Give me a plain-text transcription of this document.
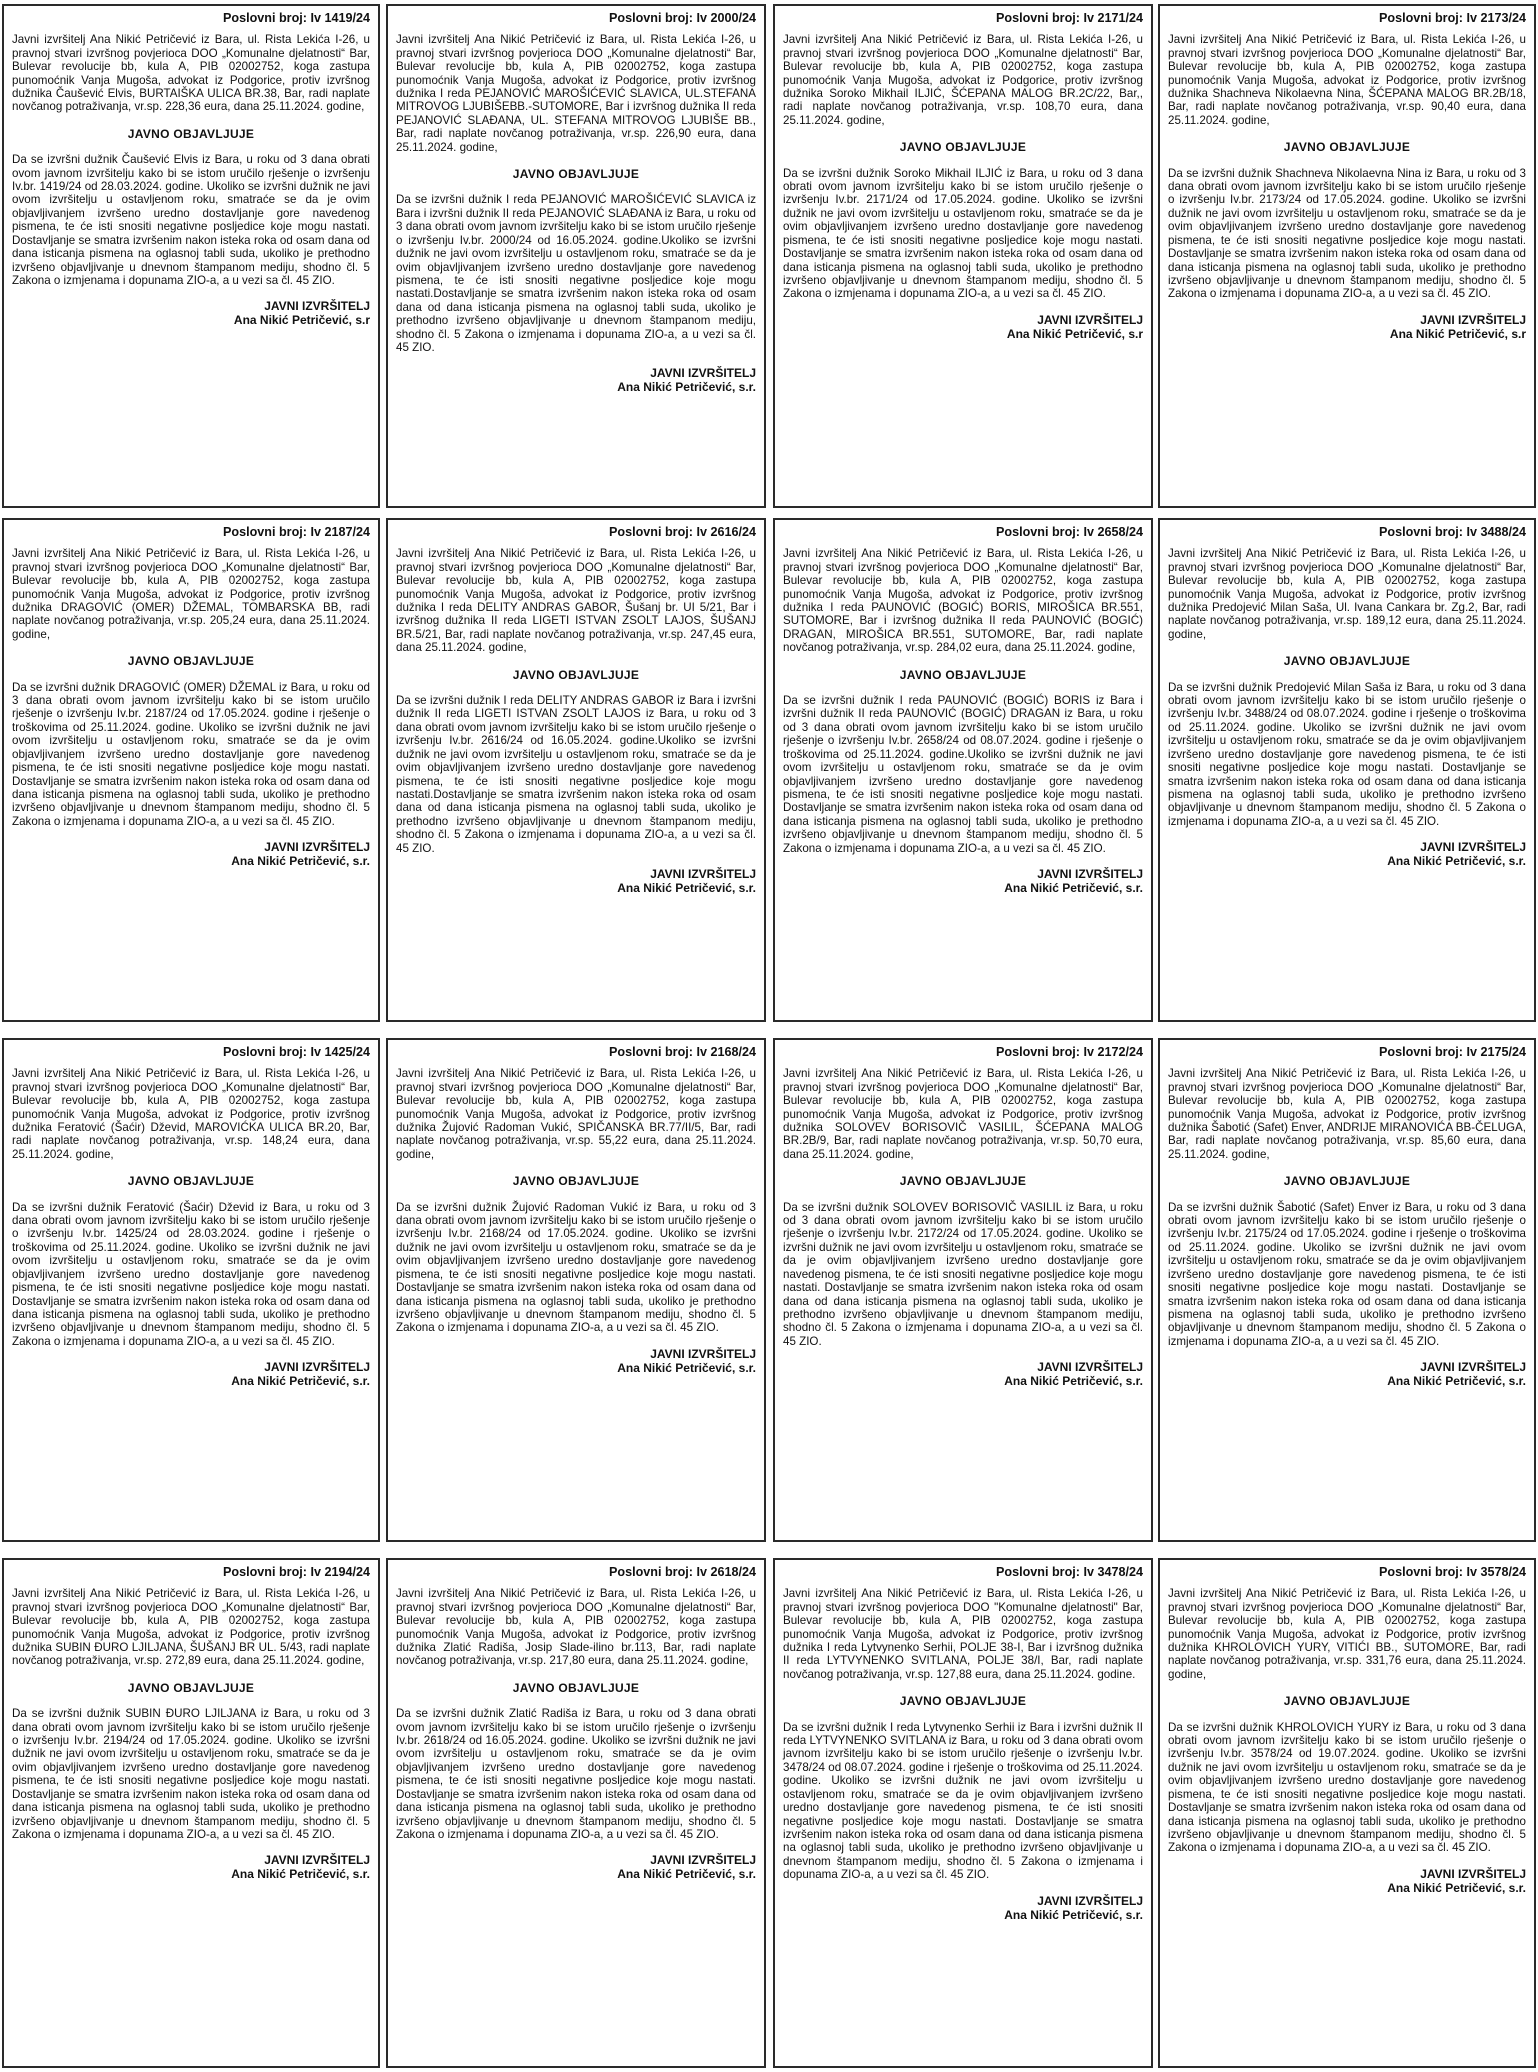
Poslovni broj: Iv 1419/24

Javni izvršitelj Ana Nikić Petričević iz Bara, ul. Rista Lekića I-26, u pravnoj stvari izvršnog povjerioca DOO „Komunalne djelatnosti“ Bar, Bulevar revolucije bb, kula A, PIB 02002752, koga zastupa punomoćnik Vanja Mugoša, advokat iz Podgorice, protiv izvršnog dužnika Čaušević Elvis, BURTAIŠKA ULICA BR.38, Bar, radi naplate novčanog potraživanja, vr.sp. 228,36 eura, dana 25.11.2024. godine,

JAVNO OBJAVLJUJE

Da se izvršni dužnik Čaušević Elvis iz Bara, u roku od 3 dana obrati ovom javnom izvršitelju kako bi se istom uručilo rješenje o izvršenju Iv.br. 1419/24 od 28.03.2024. godine. Ukoliko se izvršni dužnik ne javi ovom izvršitelju u ostavljenom roku, smatraće se da je ovim objavljivanjem izvršeno uredno dostavljanje gore navedenog pismena, te će isti snositi negativne posljedice koje mogu nastati. Dostavljanje se smatra izvršenim nakon isteka roka od osam dana od dana isticanja pismena na oglasnoj tabli suda, ukoliko je prethodno izvršeno objavljivanje u dnevnom štampanom mediju, shodno čl. 5 Zakona o izmjenama i dopunama ZIO-a, a u vezi sa čl. 45 ZIO.

JAVNI IZVRŠITELJ
Ana Nikić Petričević, s.r
Poslovni broj: Iv 2000/24

Javni izvršitelj Ana Nikić Petričević iz Bara, ul. Rista Lekića I-26, u pravnoj stvari izvršnog povjerioca DOO „Komunalne djelatnosti“ Bar, Bulevar revolucije bb, kula A, PIB 02002752, koga zastupa punomoćnik Vanja Mugoša, advokat iz Podgorice, protiv izvršnog dužnika I reda PEJANOVIĆ MAROŠIĆEVIĆ SLAVICA, UL.STEFANA MITROVOG LJUBIŠEBB.-SUTOMORE, Bar i izvršnog dužnika II reda PEJANOVIĆ SLAĐANA, UL. STEFANA MITROVOG LJUBIŠE BB., Bar, radi naplate novčanog potraživanja, vr.sp. 226,90 eura, dana 25.11.2024. godine,

JAVNO OBJAVLJUJE

Da se izvršni dužnik I reda PEJANOVIĆ MAROŠIĆEVIĆ SLAVICA iz Bara i izvršni dužnik II reda PEJANOVIĆ SLAĐANA iz Bara, u roku od 3 dana obrati ovom javnom izvršitelju kako bi se istom uručilo rješenje o izvršenju Iv.br. 2000/24 od 16.05.2024. godine.Ukoliko se izvršni dužnik ne javi ovom izvršitelju u ostavljenom roku, smatraće se da je ovim objavljivanjem izvršeno uredno dostavljanje gore navedenog pismena, te će isti snositi negativne posljedice koje mogu nastati.Dostavljanje se smatra izvršenim nakon isteka roka od osam dana od dana isticanja pismena na oglasnoj tabli suda, ukoliko je prethodno izvršeno objavljivanje u dnevnom štampanom mediju, shodno čl. 5 Zakona o izmjenama i dopunama ZIO-a, a u vezi sa čl. 45 ZIO.

JAVNI IZVRŠITELJ
Ana Nikić Petričević, s.r.
Poslovni broj: Iv 2171/24

Javni izvršitelj Ana Nikić Petričević iz Bara, ul. Rista Lekića I-26, u pravnoj stvari izvršnog povjerioca DOO „Komunalne djelatnosti“ Bar, Bulevar revolucije bb, kula A, PIB 02002752, koga zastupa punomoćnik Vanja Mugoša, advokat iz Podgorice, protiv izvršnog dužnika Soroko Mikhail ILJIĆ, ŠĆEPANA MALOG BR.2C/22, Bar,, radi naplate novčanog potraživanja, vr.sp. 108,70 eura, dana 25.11.2024. godine,

JAVNO OBJAVLJUJE

Da se izvršni dužnik Soroko Mikhail ILJIĆ iz Bara, u roku od 3 dana obrati ovom javnom izvršitelju kako bi se istom uručilo rješenje o izvršenju Iv.br. 2171/24 od 17.05.2024. godine. Ukoliko se izvršni dužnik ne javi ovom izvršitelju u ostavljenom roku, smatraće se da je ovim objavljivanjem izvršeno uredno dostavljanje gore navedenog pismena, te će isti snositi negativne posljedice koje mogu nastati. Dostavljanje se smatra izvršenim nakon isteka roka od osam dana od dana isticanja pismena na oglasnoj tabli suda, ukoliko je prethodno izvršeno objavljivanje u dnevnom štampanom mediju, shodno čl. 5 Zakona o izmjenama i dopunama ZIO-a, a u vezi sa čl. 45 ZIO.

JAVNI IZVRŠITELJ
Ana Nikić Petričević, s.r
Poslovni broj: Iv 2173/24

Javni izvršitelj Ana Nikić Petričević iz Bara, ul. Rista Lekića I-26, u pravnoj stvari izvršnog povjerioca DOO „Komunalne djelatnosti“ Bar, Bulevar revolucije bb, kula A, PIB 02002752, koga zastupa punomoćnik Vanja Mugoša, advokat iz Podgorice, protiv izvršnog dužnika Shachneva Nikolaevna Nina, ŠĆEPANA MALOG BR.2B/18, Bar, radi naplate novčanog potraživanja, vr.sp. 90,40 eura, dana 25.11.2024. godine,

JAVNO OBJAVLJUJE

Da se izvršni dužnik Shachneva Nikolaevna Nina iz Bara, u roku od 3 dana obrati ovom javnom izvršitelju kako bi se istom uručilo rješenje o izvršenju Iv.br. 2173/24 od 17.05.2024. godine. Ukoliko se izvršni dužnik ne javi ovom izvršitelju u ostavljenom roku, smatraće se da je ovim objavljivanjem izvršeno uredno dostavljanje gore navedenog pismena, te će isti snositi negativne posljedice koje mogu nastati. Dostavljanje se smatra izvršenim nakon isteka roka od osam dana od dana isticanja pismena na oglasnoj tabli suda, ukoliko je prethodno izvršeno objavljivanje u dnevnom štampanom mediju, shodno čl. 5 Zakona o izmjenama i dopunama ZIO-a, a u vezi sa čl. 45 ZIO.

JAVNI IZVRŠITELJ
Ana Nikić Petričević, s.r
Poslovni broj: Iv 2187/24

Javni izvršitelj Ana Nikić Petričević iz Bara, ul. Rista Lekića I-26, u pravnoj stvari izvršnog povjerioca DOO „Komunalne djelatnosti“ Bar, Bulevar revolucije bb, kula A, PIB 02002752, koga zastupa punomoćnik Vanja Mugoša, advokat iz Podgorice, protiv izvršnog dužnika DRAGOVIĆ (OMER) DŽEMAL, TOMBARSKA BB, radi naplate novčanog potraživanja, vr.sp. 205,24 eura, dana 25.11.2024. godine,

JAVNO OBJAVLJUJE

Da se izvršni dužnik DRAGOVIĆ (OMER) DŽEMAL iz Bara, u roku od 3 dana obrati ovom javnom izvršitelju kako bi se istom uručilo rješenje o izvršenju Iv.br. 2187/24 od 17.05.2024. godine i rješenje o troškovima od 25.11.2024. godine. Ukoliko se izvršni dužnik ne javi ovom izvršitelju u ostavljenom roku, smatraće se da je ovim objavljivanjem izvršeno uredno dostavljanje gore navedenog pismena, te će isti snositi negativne posljedice koje mogu nastati. Dostavljanje se smatra izvršenim nakon isteka roka od osam dana od dana isticanja pismena na oglasnoj tabli suda, ukoliko je prethodno izvršeno objavljivanje u dnevnom štampanom mediju, shodno čl. 5 Zakona o izmjenama i dopunama ZIO-a, a u vezi sa čl. 45 ZIO.

JAVNI IZVRŠITELJ
Ana Nikić Petričević, s.r.
Poslovni broj: Iv 2616/24

Javni izvršitelj Ana Nikić Petričević iz Bara, ul. Rista Lekića I-26, u pravnoj stvari izvršnog povjerioca DOO „Komunalne djelatnosti“ Bar, Bulevar revolucije bb, kula A, PIB 02002752, koga zastupa punomoćnik Vanja Mugoša, advokat iz Podgorice, protiv izvršnog dužnika I reda DELITY ANDRAS GABOR, Šušanj br. UI 5/21, Bar i izvršnog dužnika II reda LIGETI ISTVAN ZSOLT LAJOS, ŠUŠANJ BR.5/21, Bar, radi naplate novčanog potraživanja, vr.sp. 247,45 eura, dana 25.11.2024. godine,

JAVNO OBJAVLJUJE

Da se izvršni dužnik I reda DELITY ANDRAS GABOR iz Bara i izvršni dužnik II reda LIGETI ISTVAN ZSOLT LAJOS iz Bara, u roku od 3 dana obrati ovom javnom izvršitelju kako bi se istom uručilo rješenje o izvršenju Iv.br. 2616/24 od 16.05.2024. godine.Ukoliko se izvršni dužnik ne javi ovom izvršitelju u ostavljenom roku, smatraće se da je ovim objavljivanjem izvršeno uredno dostavljanje gore navedenog pismena, te će isti snositi negativne posljedice koje mogu nastati.Dostavljanje se smatra izvršenim nakon isteka roka od osam dana od dana isticanja pismena na oglasnoj tabli suda, ukoliko je prethodno izvršeno objavljivanje u dnevnom štampanom mediju, shodno čl. 5 Zakona o izmjenama i dopunama ZIO-a, a u vezi sa čl. 45 ZIO.

JAVNI IZVRŠITELJ
Ana Nikić Petričević, s.r.
Poslovni broj: Iv 2658/24

Javni izvršitelj Ana Nikić Petričević iz Bara, ul. Rista Lekića I-26, u pravnoj stvari izvršnog povjerioca DOO „Komunalne djelatnosti“ Bar, Bulevar revolucije bb, kula A, PIB 02002752, koga zastupa punomoćnik Vanja Mugoša, advokat iz Podgorice, protiv izvršnog dužnika I reda PAUNOVIĆ (BOGIĆ) BORIS, MIROŠICA BR.551, SUTOMORE, Bar i izvršnog dužnika II reda PAUNOVIĆ (BOGIĆ) DRAGAN, MIROŠICA BR.551, SUTOMORE, Bar, radi naplate novčanog potraživanja, vr.sp. 284,02 eura, dana 25.11.2024. godine,

JAVNO OBJAVLJUJE

Da se izvršni dužnik I reda PAUNOVIĆ (BOGIĆ) BORIS iz Bara i izvršni dužnik II reda PAUNOVIĆ (BOGIĆ) DRAGAN iz Bara, u roku od 3 dana obrati ovom javnom izvršitelju kako bi se istom uručilo rješenje o izvršenju Iv.br. 2658/24 od 08.07.2024. godine i rješenje o troškovima od 25.11.2024. godine.Ukoliko se izvršni dužnik ne javi ovom izvršitelju u ostavljenom roku, smatraće se da je ovim objavljivanjem izvršeno uredno dostavljanje gore navedenog pismena, te će isti snositi negativne posljedice koje mogu nastati. Dostavljanje se smatra izvršenim nakon isteka roka od osam dana od dana isticanja pismena na oglasnoj tabli suda, ukoliko je prethodno izvršeno objavljivanje u dnevnom štampanom mediju, shodno čl. 5 Zakona o izmjenama i dopunama ZIO-a, a u vezi sa čl. 45 ZIO.

JAVNI IZVRŠITELJ
Ana Nikić Petričević, s.r.
Poslovni broj: Iv 3488/24

Javni izvršitelj Ana Nikić Petričević iz Bara, ul. Rista Lekića I-26, u pravnoj stvari izvršnog povjerioca DOO „Komunalne djelatnosti“ Bar, Bulevar revolucije bb, kula A, PIB 02002752, koga zastupa punomoćnik Vanja Mugoša, advokat iz Podgorice, protiv izvršnog dužnika Predojević Milan Saša, Ul. Ivana Cankara br. Zg.2, Bar, radi naplate novčanog potraživanja, vr.sp. 189,12 eura, dana 25.11.2024. godine,

JAVNO OBJAVLJUJE

Da se izvršni dužnik Predojević Milan Saša iz Bara, u roku od 3 dana obrati ovom javnom izvršitelju kako bi se istom uručilo rješenje o izvršenju Iv.br. 3488/24 od 08.07.2024. godine i rješenje o troškovima od 25.11.2024. godine. Ukoliko se izvršni dužnik ne javi ovom izvršitelju u ostavljenom roku, smatraće se da je ovim objavljivanjem izvršeno uredno dostavljanje gore navedenog pismena, te će isti snositi negativne posljedice koje mogu nastati. Dostavljanje se smatra izvršenim nakon isteka roka od osam dana od dana isticanja pismena na oglasnoj tabli suda, ukoliko je prethodno izvršeno objavljivanje u dnevnom štampanom mediju, shodno čl. 5 Zakona o izmjenama i dopunama ZIO-a, a u vezi sa čl. 45 ZIO.

JAVNI IZVRŠITELJ
Ana Nikić Petričević, s.r.
Poslovni broj: Iv 1425/24

Javni izvršitelj Ana Nikić Petričević iz Bara, ul. Rista Lekića I-26, u pravnoj stvari izvršnog povjerioca DOO „Komunalne djelatnosti“ Bar, Bulevar revolucije bb, kula A, PIB 02002752, koga zastupa punomoćnik Vanja Mugoša, advokat iz Podgorice, protiv izvršnog dužnika Feratović (Šaćir) Dževid, MAROVIĆKA ULICA BR.20, Bar, radi naplate novčanog potraživanja, vr.sp. 148,24 eura, dana 25.11.2024. godine,

JAVNO OBJAVLJUJE

Da se izvršni dužnik Feratović (Šaćir) Dževid iz Bara, u roku od 3 dana obrati ovom javnom izvršitelju kako bi se istom uručilo rješenje o izvršenju Iv.br. 1425/24 od 28.03.2024. godine i rješenje o troškovima od 25.11.2024. godine. Ukoliko se izvršni dužnik ne javi ovom izvršitelju u ostavljenom roku, smatraće se da je ovim objavljivanjem izvršeno uredno dostavljanje gore navedenog pismena, te će isti snositi negativne posljedice koje mogu nastati. Dostavljanje se smatra izvršenim nakon isteka roka od osam dana od dana isticanja pismena na oglasnoj tabli suda, ukoliko je prethodno izvršeno objavljivanje u dnevnom štampanom mediju, shodno čl. 5 Zakona o izmjenama i dopunama ZIO-a, a u vezi sa čl. 45 ZIO.

JAVNI IZVRŠITELJ
Ana Nikić Petričević, s.r.
Poslovni broj: Iv 2168/24

Javni izvršitelj Ana Nikić Petričević iz Bara, ul. Rista Lekića I-26, u pravnoj stvari izvršnog povjerioca DOO „Komunalne djelatnosti“ Bar, Bulevar revolucije bb, kula A, PIB 02002752, koga zastupa punomoćnik Vanja Mugoša, advokat iz Podgorice, protiv izvršnog dužnika Žujović Radoman Vukić, SPIČANSKA BR.77/II/5, Bar, radi naplate novčanog potraživanja, vr.sp. 55,22 eura, dana 25.11.2024. godine,

JAVNO OBJAVLJUJE

Da se izvršni dužnik Žujović Radoman Vukić iz Bara, u roku od 3 dana obrati ovom javnom izvršitelju kako bi se istom uručilo rješenje o izvršenju Iv.br. 2168/24 od 17.05.2024. godine. Ukoliko se izvršni dužnik ne javi ovom izvršitelju u ostavljenom roku, smatraće se da je ovim objavljivanjem izvršeno uredno dostavljanje gore navedenog pismena, te će isti snositi negativne posljedice koje mogu nastati. Dostavljanje se smatra izvršenim nakon isteka roka od osam dana od dana isticanja pismena na oglasnoj tabli suda, ukoliko je prethodno izvršeno objavljivanje u dnevnom štampanom mediju, shodno čl. 5 Zakona o izmjenama i dopunama ZIO-a, a u vezi sa čl. 45 ZIO.

JAVNI IZVRŠITELJ
Ana Nikić Petričević, s.r.
Poslovni broj: Iv 2172/24

Javni izvršitelj Ana Nikić Petričević iz Bara, ul. Rista Lekića I-26, u pravnoj stvari izvršnog povjerioca DOO „Komunalne djelatnosti“ Bar, Bulevar revolucije bb, kula A, PIB 02002752, koga zastupa punomoćnik Vanja Mugoša, advokat iz Podgorice, protiv izvršnog dužnika SOLOVEV BORISOVIČ VASILIL, ŠĆEPANA MALOG BR.2B/9, Bar, radi naplate novčanog potraživanja, vr.sp. 50,70 eura, dana 25.11.2024. godine,

JAVNO OBJAVLJUJE

Da se izvršni dužnik SOLOVEV BORISOVIČ VASILIL iz Bara, u roku od 3 dana obrati ovom javnom izvršitelju kako bi se istom uručilo rješenje o izvršenju Iv.br. 2172/24 od 17.05.2024. godine. Ukoliko se izvršni dužnik ne javi ovom izvršitelju u ostavljenom roku, smatraće se da je ovim objavljivanjem izvršeno uredno dostavljanje gore navedenog pismena, te će isti snositi negativne posljedice koje mogu nastati. Dostavljanje se smatra izvršenim nakon isteka roka od osam dana od dana isticanja pismena na oglasnoj tabli suda, ukoliko je prethodno izvršeno objavljivanje u dnevnom štampanom mediju, shodno čl. 5 Zakona o izmjenama i dopunama ZIO-a, a u vezi sa čl. 45 ZIO.

JAVNI IZVRŠITELJ
Ana Nikić Petričević, s.r.
Poslovni broj: Iv 2175/24

Javni izvršitelj Ana Nikić Petričević iz Bara, ul. Rista Lekića I-26, u pravnoj stvari izvršnog povjerioca DOO „Komunalne djelatnosti“ Bar, Bulevar revolucije bb, kula A, PIB 02002752, koga zastupa punomoćnik Vanja Mugoša, advokat iz Podgorice, protiv izvršnog dužnika Šabotić (Safet) Enver, ANDRIJE MIRANOVIĆA BB-ČELUGA, Bar, radi naplate novčanog potraživanja, vr.sp. 85,60 eura, dana 25.11.2024. godine,

JAVNO OBJAVLJUJE

Da se izvršni dužnik Šabotić (Safet) Enver iz Bara, u roku od 3 dana obrati ovom javnom izvršitelju kako bi se istom uručilo rješenje o izvršenju Iv.br. 2175/24 od 17.05.2024. godine i rješenje o troškovima od 25.11.2024. godine. Ukoliko se izvršni dužnik ne javi ovom izvršitelju u ostavljenom roku, smatraće se da je ovim objavljivanjem izvršeno uredno dostavljanje gore navedenog pismena, te će isti snositi negativne posljedice koje mogu nastati. Dostavljanje se smatra izvršenim nakon isteka roka od osam dana od dana isticanja pismena na oglasnoj tabli suda, ukoliko je prethodno izvršeno objavljivanje u dnevnom štampanom mediju, shodno čl. 5 Zakona o izmjenama i dopunama ZIO-a, a u vezi sa čl. 45 ZIO.

JAVNI IZVRŠITELJ
Ana Nikić Petričević, s.r.
Poslovni broj: Iv 2194/24

Javni izvršitelj Ana Nikić Petričević iz Bara, ul. Rista Lekića I-26, u pravnoj stvari izvršnog povjerioca DOO „Komunalne djelatnosti“ Bar, Bulevar revolucije bb, kula A, PIB 02002752, koga zastupa punomoćnik Vanja Mugoša, advokat iz Podgorice, protiv izvršnog dužnika SUBIN ĐURO LJILJANA, ŠUŠANJ BR UL. 5/43, radi naplate novčanog potraživanja, vr.sp. 272,89 eura, dana 25.11.2024. godine,

JAVNO OBJAVLJUJE

Da se izvršni dužnik SUBIN ĐURO LJILJANA iz Bara, u roku od 3 dana obrati ovom javnom izvršitelju kako bi se istom uručilo rješenje o izvršenju Iv.br. 2194/24 od 17.05.2024. godine. Ukoliko se izvršni dužnik ne javi ovom izvršitelju u ostavljenom roku, smatraće se da je ovim objavljivanjem izvršeno uredno dostavljanje gore navedenog pismena, te će isti snositi negativne posljedice koje mogu nastati. Dostavljanje se smatra izvršenim nakon isteka roka od osam dana od dana isticanja pismena na oglasnoj tabli suda, ukoliko je prethodno izvršeno objavljivanje u dnevnom štampanom mediju, shodno čl. 5 Zakona o izmjenama i dopunama ZIO-a, a u vezi sa čl. 45 ZIO.

JAVNI IZVRŠITELJ
Ana Nikić Petričević, s.r.
Poslovni broj: Iv 2618/24

Javni izvršitelj Ana Nikić Petričević iz Bara, ul. Rista Lekića I-26, u pravnoj stvari izvršnog povjerioca DOO „Komunalne djelatnosti“ Bar, Bulevar revolucije bb, kula A, PIB 02002752, koga zastupa punomoćnik Vanja Mugoša, advokat iz Podgorice, protiv izvršnog dužnika Zlatić Radiša, Josip Slade-ilino br.113, Bar, radi naplate novčanog potraživanja, vr.sp. 217,80 eura, dana 25.11.2024. godine,

JAVNO OBJAVLJUJE

Da se izvršni dužnik Zlatić Radiša iz Bara, u roku od 3 dana obrati ovom javnom izvršitelju kako bi se istom uručilo rješenje o izvršenju Iv.br. 2618/24 od 16.05.2024. godine. Ukoliko se izvršni dužnik ne javi ovom izvršitelju u ostavljenom roku, smatraće se da je ovim objavljivanjem izvršeno uredno dostavljanje gore navedenog pismena, te će isti snositi negativne posljedice koje mogu nastati. Dostavljanje se smatra izvršenim nakon isteka roka od osam dana od dana isticanja pismena na oglasnoj tabli suda, ukoliko je prethodno izvršeno objavljivanje u dnevnom štampanom mediju, shodno čl. 5 Zakona o izmjenama i dopunama ZIO-a, a u vezi sa čl. 45 ZIO.

JAVNI IZVRŠITELJ
Ana Nikić Petričević, s.r.
Poslovni broj: Iv 3478/24

Javni izvršitelj Ana Nikić Petričević iz Bara, ul. Rista Lekića I-26, u pravnoj stvari izvršnog povjerioca DOO "Komunalne djelatnosti" Bar, Bulevar revolucije bb, kula A, PIB 02002752, koga zastupa punomoćnik Vanja Mugoša, advokat iz Podgorice, protiv izvršnog dužnika I reda Lytvynenko Serhii, POLJE 38-I, Bar i izvršnog dužnika II reda LYTVYNENKO SVITLANA, POLJE 38/I, Bar, radi naplate novčanog potraživanja, vr.sp. 127,88 eura, dana 25.11.2024. godine.

JAVNO OBJAVLJUJE

Da se izvršni dužnik I reda Lytvynenko Serhii iz Bara i izvršni dužnik II reda LYTVYNENKO SVITLANA iz Bara, u roku od 3 dana obrati ovom javnom izvršitelju kako bi se istom uručilo rješenje o izvršenju Iv.br. 3478/24 od 08.07.2024. godine i rješenje o troškovima od 25.11.2024. godine. Ukoliko se izvršni dužnik ne javi ovom izvršitelju u ostavljenom roku, smatraće se da je ovim objavljivanjem izvršeno uredno dostavljanje gore navedenog pismena, te će isti snositi negativne posljedice koje mogu nastati. Dostavljanje se smatra izvršenim nakon isteka roka od osam dana od dana isticanja pismena na oglasnoj tabli suda, ukoliko je prethodno izvršeno objavljivanje u dnevnom štampanom mediju, shodno čl. 5 Zakona o izmjenama i dopunama ZIO-a, a u vezi sa čl. 45 ZIO.

JAVNI IZVRŠITELJ
Ana Nikić Petričević, s.r.
Poslovni broj: Iv 3578/24

Javni izvršitelj Ana Nikić Petričević iz Bara, ul. Rista Lekića I-26, u pravnoj stvari izvršnog povjerioca DOO „Komunalne djelatnosti“ Bar, Bulevar revolucije bb, kula A, PIB 02002752, koga zastupa punomoćnik Vanja Mugoša, advokat iz Podgorice, protiv izvršnog dužnika KHROLOVICH YURY, VITIĆI BB., SUTOMORE, Bar, radi naplate novčanog potraživanja, vr.sp. 331,76 eura, dana 25.11.2024. godine,

JAVNO OBJAVLJUJE

Da se izvršni dužnik KHROLOVICH YURY iz Bara, u roku od 3 dana obrati ovom javnom izvršitelju kako bi se istom uručilo rješenje o izvršenju Iv.br. 3578/24 od 19.07.2024. godine. Ukoliko se izvršni dužnik ne javi ovom izvršitelju u ostavljenom roku, smatraće se da je ovim objavljivanjem izvršeno uredno dostavljanje gore navedenog pismena, te će isti snositi negativne posljedice koje mogu nastati. Dostavljanje se smatra izvršenim nakon isteka roka od osam dana od dana isticanja pismena na oglasnoj tabli suda, ukoliko je prethodno izvršeno objavljivanje u dnevnom štampanom mediju, shodno čl. 5 Zakona o izmjenama i dopunama ZIO-a, a u vezi sa čl. 45 ZIO.

JAVNI IZVRŠITELJ
Ana Nikić Petričević, s.r.
